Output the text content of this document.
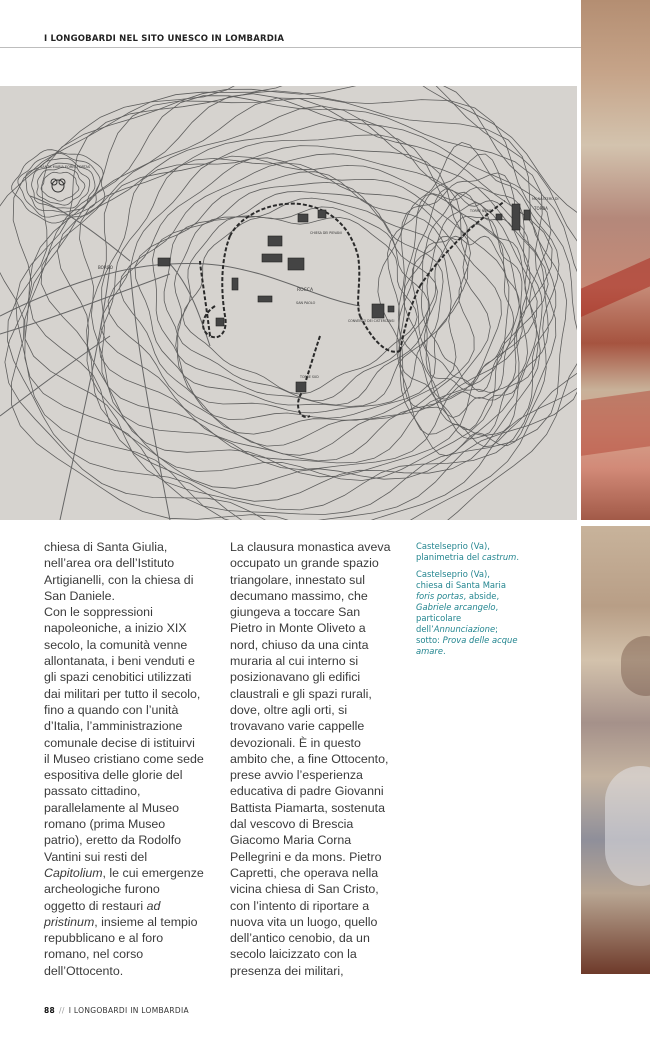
I LONGOBARDI NEL SITO UNESCO IN LOMBARDIA
SANTA MARIA FORIS PORTAS
BORGO
ROCCA
SAN PAOLO
CHIESA DEI PIEVANI
CONVENTO DEI CISTERCENSI
TORRE SUD
TORRE NORD
MONASTERO DI
TORBA
chiesa di Santa Giulia,
nell’area ora dell’Istituto
Artigianelli, con la chiesa di
San Daniele.
Con le soppressioni
napoleoniche, a inizio XIX
secolo, la comunità venne
allontanata, i beni venduti e
gli spazi cenobitici utilizzati
dai militari per tutto il secolo,
fino a quando con l’unità
d’Italia, l’amministrazione
comunale decise di istituirvi
il Museo cristiano come sede
espositiva delle glorie del
passato cittadino,
parallelamente al Museo
romano (prima Museo
patrio), eretto da Rodolfo
Vantini sui resti del
Capitolium, le cui emergenze
archeologiche furono
oggetto di restauri ad
pristinum, insieme al tempio
repubblicano e al foro
romano, nel corso
dell’Ottocento.
La clausura monastica aveva
occupato un grande spazio
triangolare, innestato sul
decumano massimo, che
giungeva a toccare San
Pietro in Monte Oliveto a
nord, chiuso da una cinta
muraria al cui interno si
posizionavano gli edifici
claustrali e gli spazi rurali,
dove, oltre agli orti, si
trovavano varie cappelle
devozionali. È in questo
ambito che, a fine Ottocento,
prese avvio l’esperienza
educativa di padre Giovanni
Battista Piamarta, sostenuta
dal vescovo di Brescia
Giacomo Maria Corna
Pellegrini e da mons. Pietro
Capretti, che operava nella
vicina chiesa di San Cristo,
con l’intento di riportare a
nuova vita un luogo, quello
dell’antico cenobio, da un
secolo laicizzato con la
presenza dei militari,
Castelseprio (Va),
planimetria del castrum.
Castelseprio (Va),
chiesa di Santa Maria
foris portas, abside,
Gabriele arcangelo,
particolare
dell’Annunciazione;
sotto: Prova delle acque
amare.
88 // I LONGOBARDI IN LOMBARDIA
